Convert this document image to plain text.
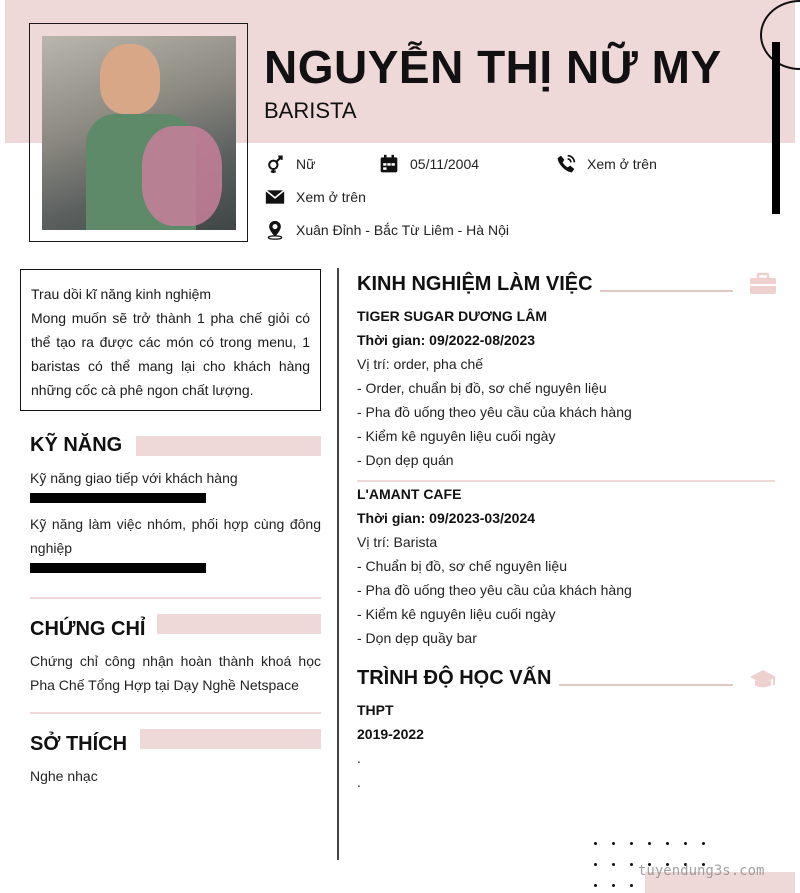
NGUYỄN THỊ NỮ MY
BARISTA
Nữ	05/11/2004	Xem ở trên
Xem ở trên
Xuân Đỉnh - Bắc Từ Liêm - Hà Nội
Trau dồi kĩ năng kinh nghiệm
Mong muốn sẽ trở thành 1 pha chế giỏi có thể tạo ra được các món có trong menu, 1 baristas có thể mang lại cho khách hàng những cốc cà phê ngon chất lượng.
KỸ NĂNG
Kỹ năng giao tiếp với khách hàng
Kỹ năng làm việc nhóm, phối hợp cùng đông nghiệp
CHỨNG CHỈ
Chứng chỉ công nhận hoàn thành khoá học Pha Chế Tổng Hợp tại Dạy Nghề Netspace
SỞ THÍCH
Nghe nhạc
KINH NGHIỆM LÀM VIỆC
TIGER SUGAR DƯƠNG LÂM
Thời gian: 09/2022-08/2023
Vị trí: order, pha chế
- Order, chuẩn bị đồ, sơ chế nguyên liệu
- Pha đồ uống theo yêu cầu của khách hàng
- Kiểm kê nguyên liệu cuối ngày
- Dọn dẹp quán
L'AMANT CAFE
Thời gian: 09/2023-03/2024
Vị trí: Barista
- Chuẩn bị đồ, sơ chế nguyên liệu
- Pha đồ uống theo yêu cầu của khách hàng
- Kiểm kê nguyên liệu cuối ngày
- Dọn dẹp quầy bar
TRÌNH ĐỘ HỌC VẤN
THPT
2019-2022
.
.
tuyendung3s.com
